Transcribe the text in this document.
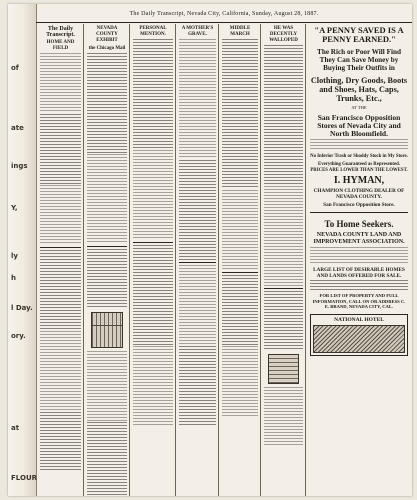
of
ate
ings
Y,
ly
h
l Day.
ory.
at
FLOUR
The Daily Transcript, Nevada City, California, Sunday, August 28, 1887.
The Daily Transcript.
HOME AND FIELD
NEVADA COUNTY EXHIBIT
the Chicago Mail
PERSONAL MENTION.
A MOTHER'S GRAVE.
MIDDLE MARCH
HE WAS DECENTLY WALLOPED
"A PENNY SAVED IS A PENNY EARNED."
The Rich or Poor Will Find They Can Save Money by Buying Their Outfits in
Clothing, Dry Goods, Boots and Shoes, Hats, Caps, Trunks, Etc.,
AT THE
San Francisco Opposition Stores of Nevada City and North Bloomfield.
No Inferior Trash or Shoddy Stock in My Store.
Everything Guaranteed as Represented. PRICES ARE LOWER THAN THE LOWEST.
I. HYMAN,
CHAMPION CLOTHING DEALER OF NEVADA COUNTY.
San Francisco Opposition Store.
To Home Seekers.
NEVADA COUNTY LAND AND IMPROVEMENT ASSOCIATION.
LARGE LIST OF DESIRABLE HOMES AND LANDS OFFERED FOR SALE.
FOR LIST OF PROPERTY AND FULL INFORMATION, CALL ON OR ADDRESS C. E. BRAND, NEVADA CITY, CAL.
NATIONAL HOTEL
